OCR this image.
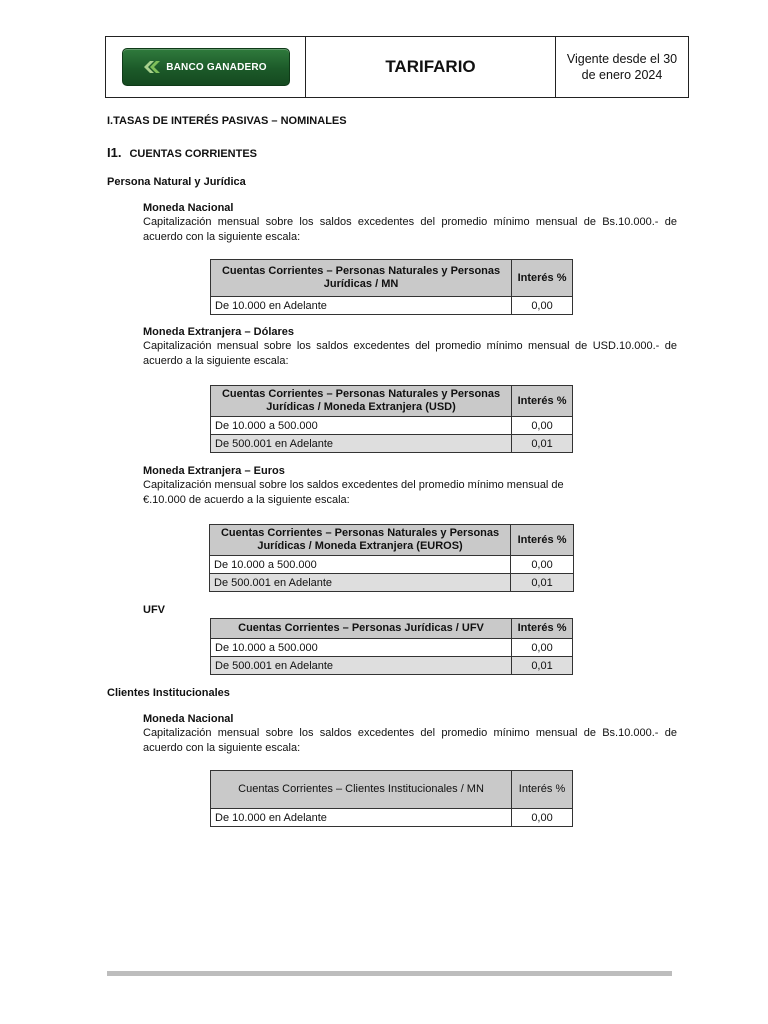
BANCO GANADERO	TARIFARIO	Vigente desde el 30 de enero 2024
I.TASAS DE INTERÉS PASIVAS – NOMINALES
I1. CUENTAS CORRIENTES
Persona Natural y Jurídica
Moneda Nacional
Capitalización mensual sobre los saldos excedentes del promedio mínimo mensual de Bs.10.000.- de acuerdo con la siguiente escala:
Cuentas Corrientes – Personas Naturales y Personas Jurídicas / MN	Interés %
De 10.000 en Adelante	0,00
Moneda Extranjera – Dólares
Capitalización mensual sobre los saldos excedentes del promedio mínimo mensual de USD.10.000.- de acuerdo a la siguiente escala:
Cuentas Corrientes – Personas Naturales y Personas Jurídicas / Moneda Extranjera (USD)	Interés %
De 10.000 a 500.000	0,00
De 500.001 en Adelante	0,01
Moneda Extranjera – Euros
Capitalización mensual sobre los saldos excedentes del promedio mínimo mensual de €.10.000 de acuerdo a la siguiente escala:
Cuentas Corrientes – Personas Naturales y Personas Jurídicas / Moneda Extranjera (EUROS)	Interés %
De 10.000 a 500.000	0,00
De 500.001 en Adelante	0,01
UFV
Cuentas Corrientes – Personas Jurídicas / UFV	Interés %
De 10.000 a 500.000	0,00
De 500.001 en Adelante	0,01
Clientes Institucionales
Moneda Nacional
Capitalización mensual sobre los saldos excedentes del promedio mínimo mensual de Bs.10.000.- de acuerdo con la siguiente escala:
Cuentas Corrientes – Clientes Institucionales / MN	Interés %
De 10.000 en Adelante	0,00
